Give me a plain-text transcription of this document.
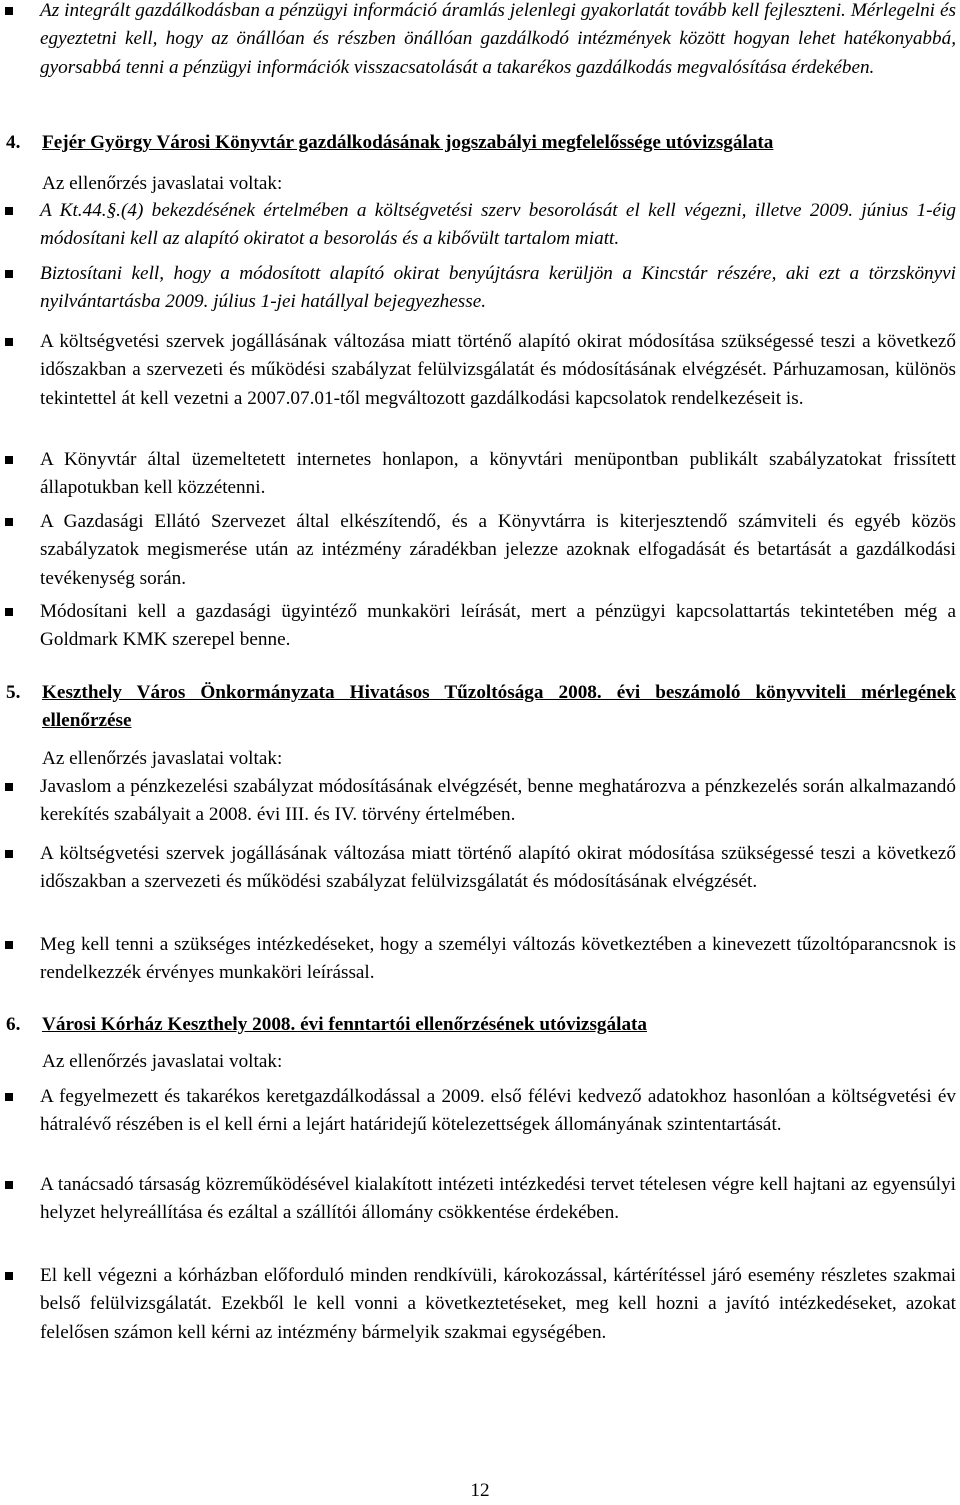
Az integrált gazdálkodásban a pénzügyi információ áramlás jelenlegi gyakorlatát tovább kell fejleszteni. Mérlegelni és egyeztetni kell, hogy az önállóan és részben önállóan gazdálkodó intézmények között hogyan lehet hatékonyabbá, gyorsabbá tenni a pénzügyi információk visszacsatolását a takarékos gazdálkodás megvalósítása érdekében.
4. Fejér György Városi Könyvtár gazdálkodásának jogszabályi megfelelőssége utóvizsgálata
Az ellenőrzés javaslatai voltak:
A Kt.44.§.(4) bekezdésének értelmében a költségvetési szerv besorolását el kell végezni, illetve 2009. június 1-éig módosítani kell az alapító okiratot a besorolás és a kibővült tartalom miatt.
Biztosítani kell, hogy a módosított alapító okirat benyújtásra kerüljön a Kincstár részére, aki ezt a törzskönyvi nyilvántartásba 2009. július 1-jei hatállyal bejegyezhesse.
A költségvetési szervek jogállásának változása miatt történő alapító okirat módosítása szükségessé teszi a következő időszakban a szervezeti és működési szabályzat felülvizsgálatát és módosításának elvégzését. Párhuzamosan, különös tekintettel át kell vezetni a 2007.07.01-től megváltozott gazdálkodási kapcsolatok rendelkezéseit is.
A Könyvtár által üzemeltetett internetes honlapon, a könyvtári menüpontban publikált szabályzatokat frissített állapotukban kell közzétenni.
A Gazdasági Ellátó Szervezet által elkészítendő, és a Könyvtárra is kiterjesztendő számviteli és egyéb közös szabályzatok megismerése után az intézmény záradékban jelezze azoknak elfogadását és betartását a gazdálkodási tevékenység során.
Módosítani kell a gazdasági ügyintéző munkaköri leírását, mert a pénzügyi kapcsolattartás tekintetében még a Goldmark KMK szerepel benne.
5. Keszthely Város Önkormányzata Hivatásos Tűzoltósága 2008. évi beszámoló könyvviteli mérlegének ellenőrzése
Az ellenőrzés javaslatai voltak:
Javaslom a pénzkezelési szabályzat módosításának elvégzését, benne meghatározva a pénzkezelés során alkalmazandó kerekítés szabályait a 2008. évi III. és IV. törvény értelmében.
A költségvetési szervek jogállásának változása miatt történő alapító okirat módosítása szükségessé teszi a következő időszakban a szervezeti és működési szabályzat felülvizsgálatát és módosításának elvégzését.
Meg kell tenni a szükséges intézkedéseket, hogy a személyi változás következtében a kinevezett tűzoltóparancsnok is rendelkezzék érvényes munkaköri leírással.
6. Városi Kórház Keszthely 2008. évi fenntartói ellenőrzésének utóvizsgálata
Az ellenőrzés javaslatai voltak:
A fegyelmezett és takarékos keretgazdálkodással a 2009. első félévi kedvező adatokhoz hasonlóan a költségvetési év hátralévő részében is el kell érni a lejárt határidejű kötelezettségek állományának szintentartását.
A tanácsadó társaság közreműködésével kialakított intézeti intézkedési tervet tételesen végre kell hajtani az egyensúlyi helyzet helyreállítása és ezáltal a szállítói állomány csökkentése érdekében.
El kell végezni a kórházban előforduló minden rendkívüli, károkozással, kártérítéssel járó esemény részletes szakmai belső felülvizsgálatát. Ezekből le kell vonni a következtetéseket, meg kell hozni a javító intézkedéseket, azokat felelősen számon kell kérni az intézmény bármelyik szakmai egységében.
12
